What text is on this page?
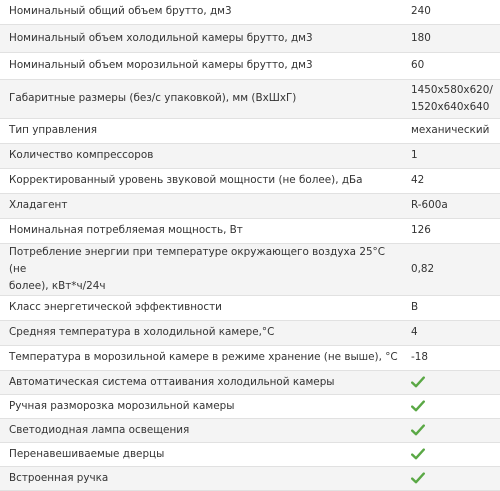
Номинальный общий объем брутто, дм3	240
Номинальный объем холодильной камеры брутто, дм3	180
Номинальный объем морозильной камеры брутто, дм3	60
Габаритные размеры (без/с упаковкой), мм (ВхШхГ)	1450x580x620/
1520x640x640

Тип управления	механический
Количество компрессоров	1
Корректированный уровень звуковой мощности (не более), дБа	42
Хладагент	R-600a
Номинальная потребляемая мощность, Вт	126

Потребление энергии при температуре окружающего воздуха 25°С (не
более), кВт*ч/24ч	0,82
Класс энергетической эффективности	B
Средняя температура в холодильной камере,°С	4
Температура в морозильной камере в режиме хранение (не выше), °С	-18
Автоматическая система оттаивания холодильной камеры	

Ручная разморозка морозильной камеры	

Светодиодная лампа освещения	

Перенавешиваемые дверцы	

Встроенная ручка	
